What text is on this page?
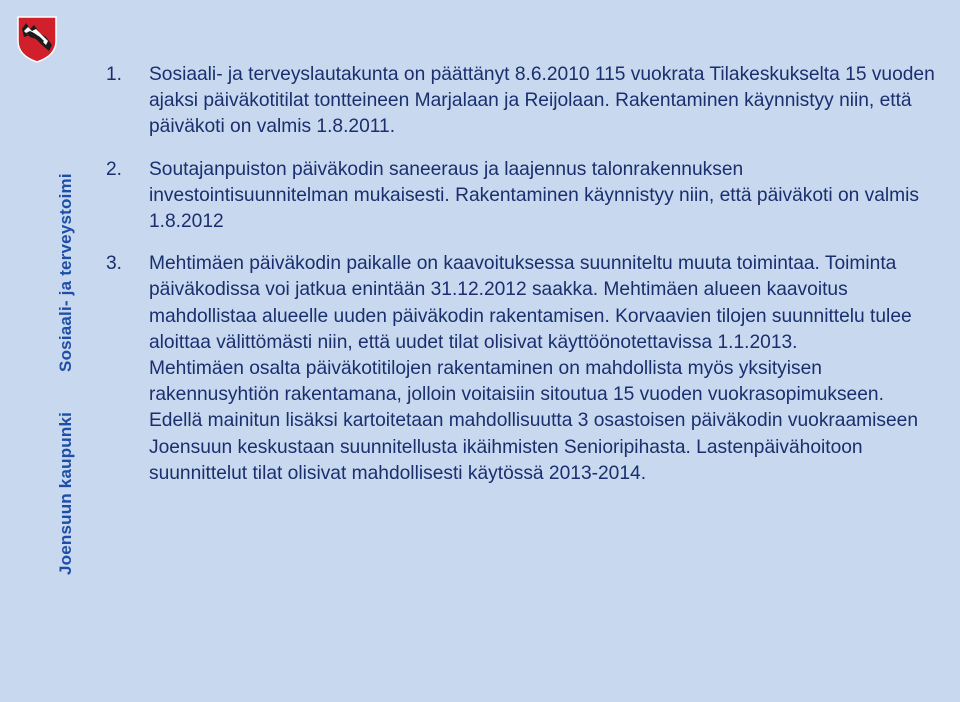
Joensuun kaupunkiSosiaali- ja terveystoimi
1. Sosiaali- ja terveyslautakunta on päättänyt 8.6.2010 115 vuokrata Tilakeskukselta 15 vuoden ajaksi päiväkotitilat tontteineen Marjalaan ja Reijolaan. Rakentaminen käynnistyy niin, että päiväkoti on valmis 1.8.2011.
2. Soutajanpuiston päiväkodin saneeraus ja laajennus talonrakennuksen investointisuunnitelman mukaisesti. Rakentaminen käynnistyy niin, että päiväkoti on valmis 1.8.2012
3. Mehtimäen päiväkodin paikalle on kaavoituksessa suunniteltu muuta toimintaa. Toiminta päiväkodissa voi jatkua enintään 31.12.2012 saakka. Mehtimäen alueen kaavoitus mahdollistaa alueelle uuden päiväkodin rakentamisen. Korvaavien tilojen suunnittelu tulee aloittaa välittömästi niin, että uudet tilat olisivat käyttöönotettavissa 1.1.2013.
Mehtimäen osalta päiväkotitilojen rakentaminen on mahdollista myös yksityisen rakennusyhtiön rakentamana, jolloin voitaisiin sitoutua 15 vuoden vuokrasopimukseen.
Edellä mainitun lisäksi kartoitetaan mahdollisuutta 3 osastoisen päiväkodin vuokraamiseen Joensuun keskustaan suunnitellusta ikäihmisten Senioripihasta. Lastenpäivähoitoon suunnittelut tilat olisivat mahdollisesti käytössä 2013-2014.
